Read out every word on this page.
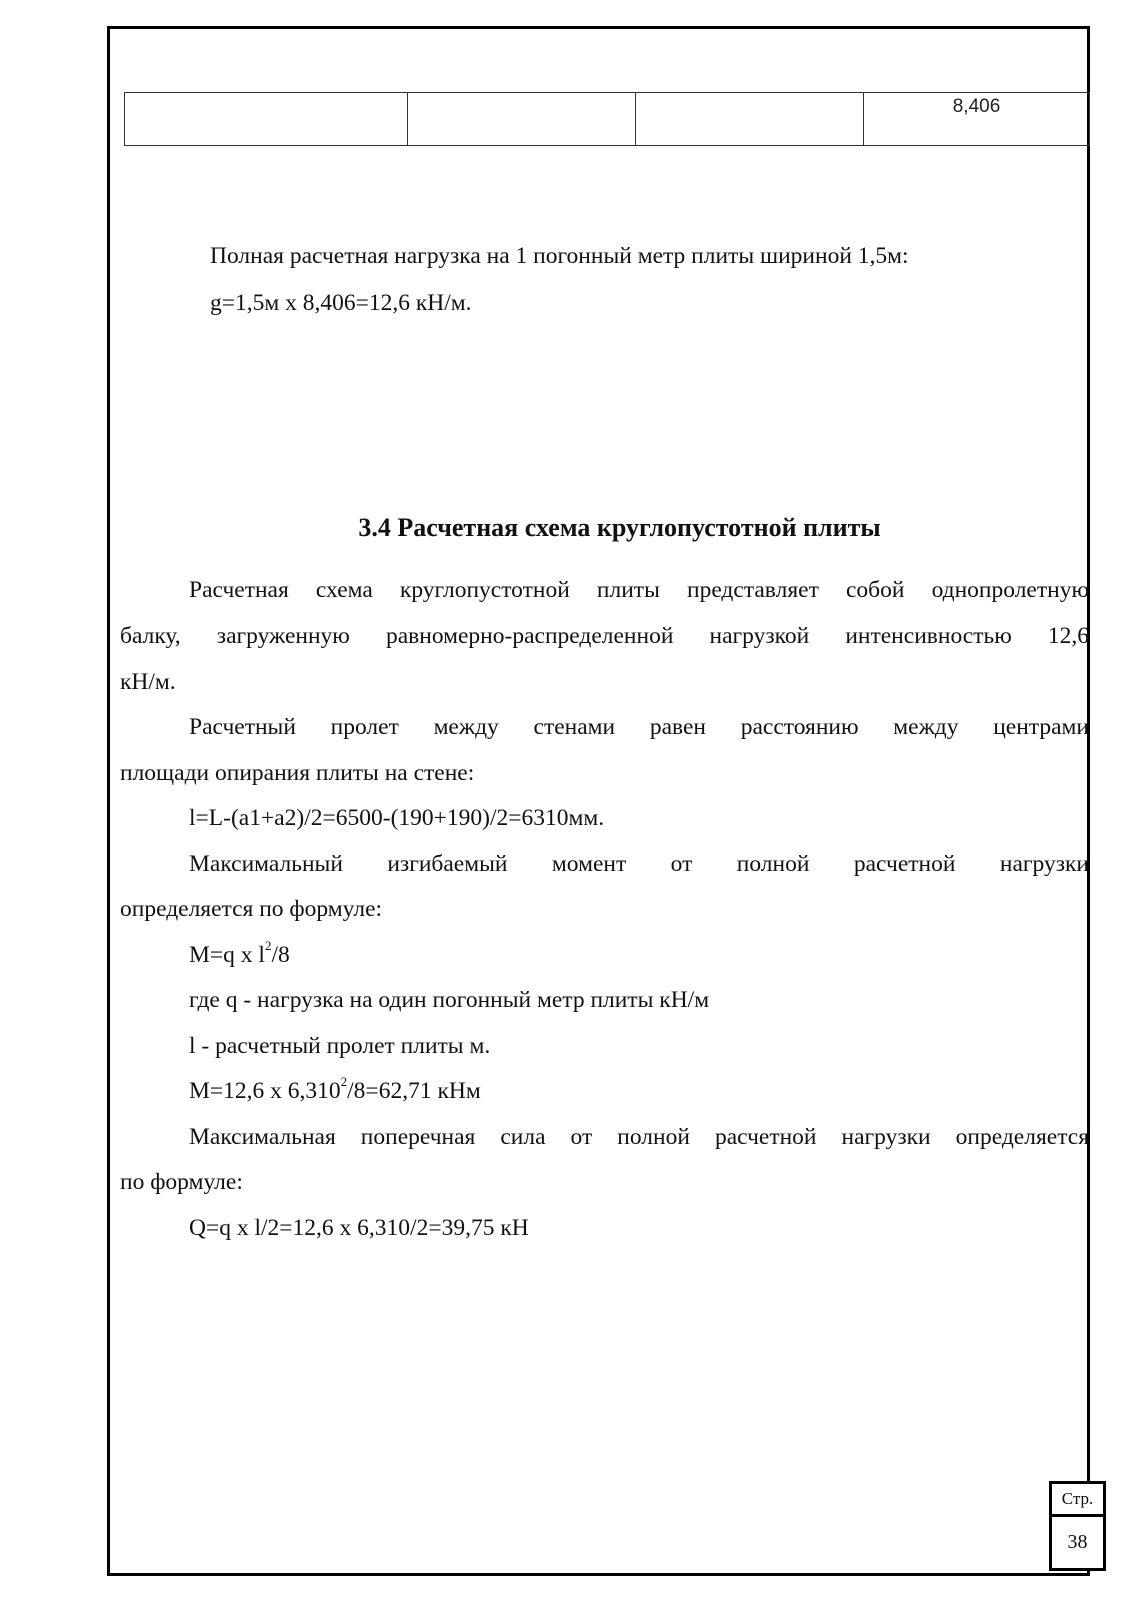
			8,406
Полная расчетная нагрузка на 1 погонный метр плиты шириной 1,5м:
g=1,5м х 8,406=12,6 кН/м.
3.4 Расчетная схема круглопустотной плиты
Расчетная схема круглопустотной плиты представляет собой однопролетную
балку, загруженную равномерно-распределенной нагрузкой интенсивностью 12,6
кН/м.
Расчетный пролет между стенами равен расстоянию между центрами
площади опирания плиты на стене:
l=L-(a1+a2)/2=6500-(190+190)/2=6310мм.
Максимальный изгибаемый момент от полной расчетной нагрузки
определяется по формуле:
M=q х $l^2/8$
где q - нагрузка на один погонный метр плиты кН/м
l - расчетный пролет плиты м.
M=12,6 х $6,310^2/8=62,71$ кНм
Максимальная поперечная сила от полной расчетной нагрузки определяется
по формуле:
Q=q х l/2=12,6 х 6,310/2=39,75 кН
Стр.
38
